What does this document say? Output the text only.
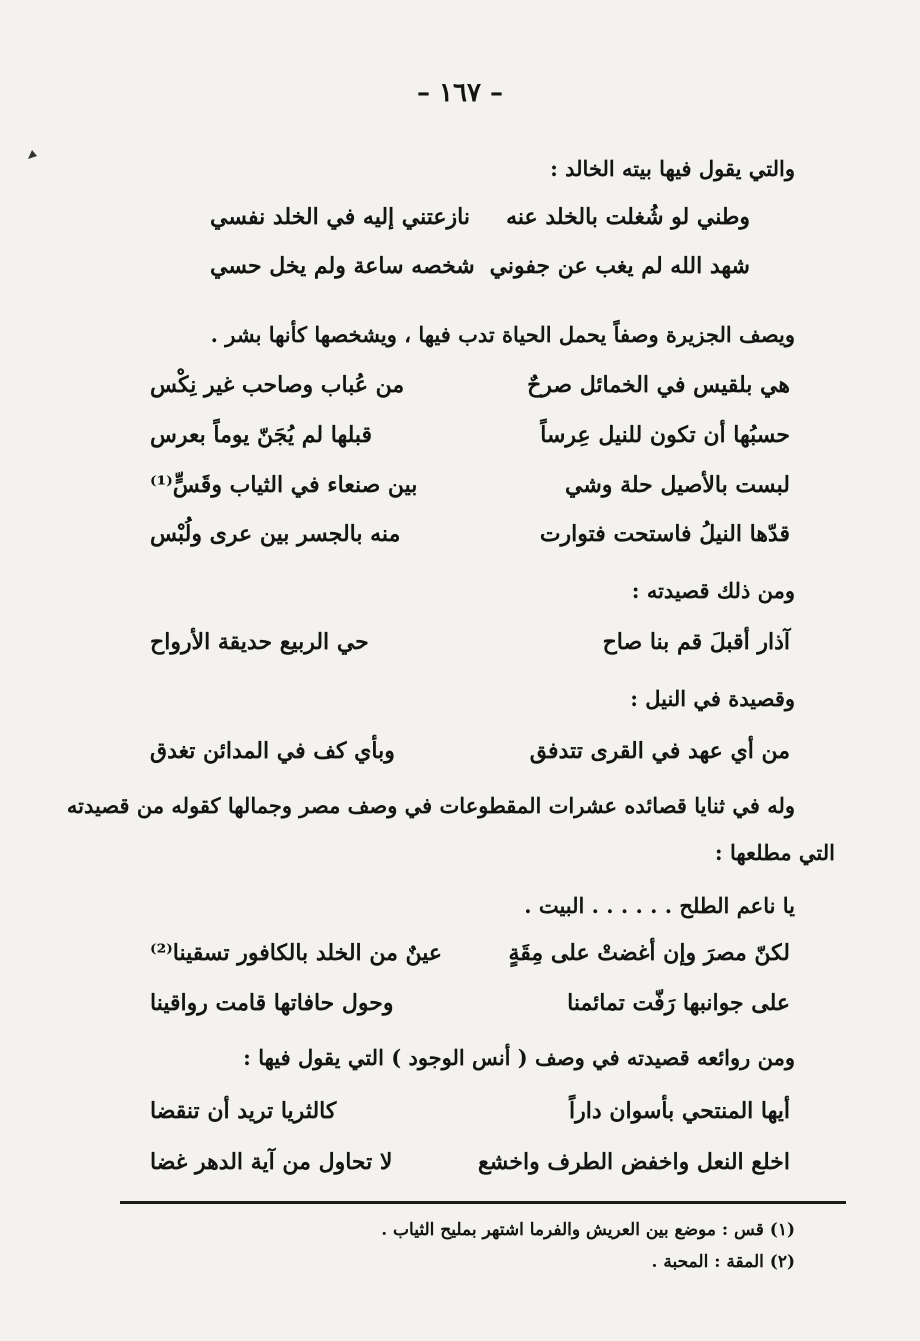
– ١٦٧ –
والتي يقول فيها بيته الخالد :
وطني لو شُغلت بالخلد عنه
نازعتني إليه في الخلد نفسي
شهد الله لم يغب عن جفوني
شخصه ساعة ولم يخل حسي
ويصف الجزيرة وصفاً يحمل الحياة تدب فيها ، ويشخصها كأنها بشر .
هي بلقيس في الخمائل صرحٌ
من عُباب وصاحب غير نِكْس
حسبُها أن تكون للنيل عِرساً
قبلها لم يُجَنّ يوماً بعرس
لبست بالأصيل حلة وشي
بين صنعاء في الثياب وقَسٍّ⁽¹⁾
قدّها النيلُ فاستحت فتوارت
منه بالجسر بين عرى ولُبْس
ومن ذلك قصيدته :
آذار أقبلَ قم بنا صاح
حي الربيع حديقة الأرواح
وقصيدة في النيل :
من أي عهد في القرى تتدفق
وبأي كف في المدائن تغدق
وله في ثنايا قصائده عشرات المقطوعات في وصف مصر وجمالها كقوله من قصيدته
التي مطلعها :
يا ناعم الطلح . . . . . . البيت .
لكنّ مصرَ وإن أغضتْ على مِقَةٍ
عينٌ من الخلد بالكافور تسقينا⁽²⁾
على جوانبها رَفّت تمائمنا
وحول حافاتها قامت رواقينا
ومن روائعه قصيدته في وصف ( أنس الوجود ) التي يقول فيها :
أيها المنتحي بأسوان داراً
كالثريا تريد أن تنقضا
اخلع النعل واخفض الطرف واخشع
لا تحاول من آية الدهر غضا
(١) قس : موضع بين العريش والفرما اشتهر بمليح الثياب .
(٢) المقة : المحبة .
